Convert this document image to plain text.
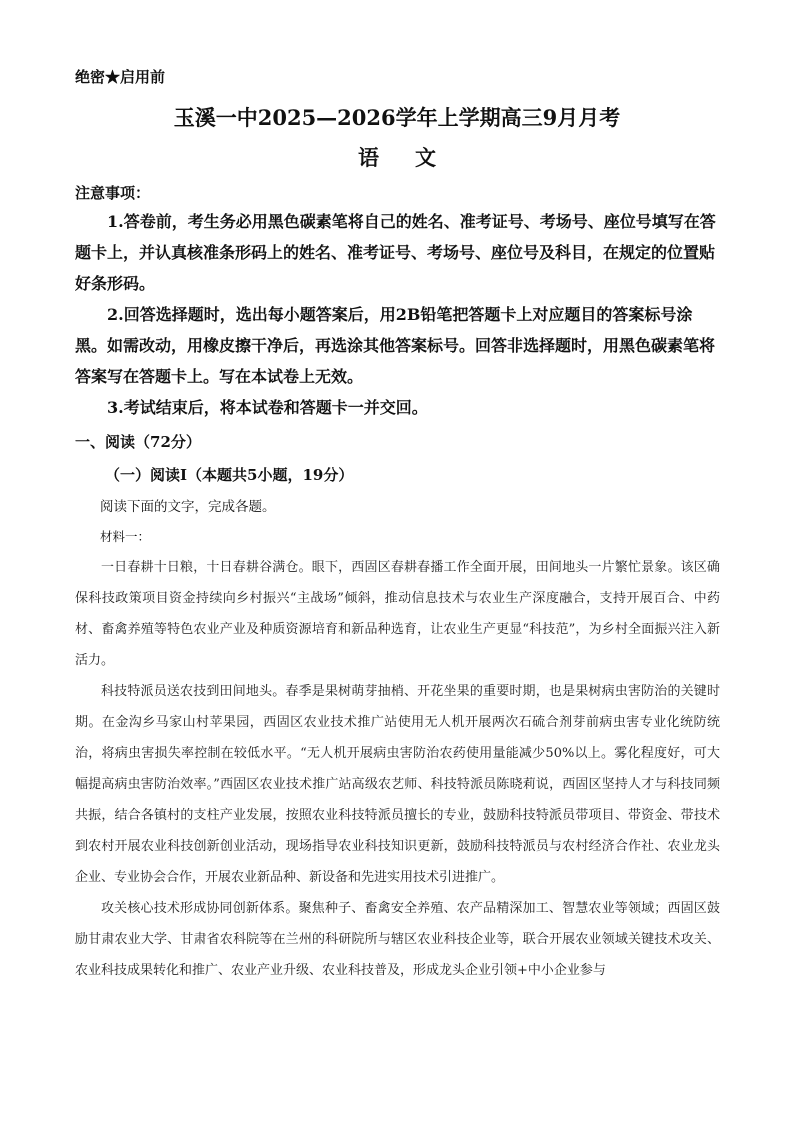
绝密★启用前
玉溪一中2025—2026学年上学期高三9月月考
语文
注意事项：

1.答卷前，考生务必用黑色碳素笔将自己的姓名、准考证号、考场号、座位号填写在答题卡上，并认真核准条形码上的姓名、准考证号、考场号、座位号及科目，在规定的位置贴好条形码。

2.回答选择题时，选出每小题答案后，用2B铅笔把答题卡上对应题目的答案标号涂黑。如需改动，用橡皮擦干净后，再选涂其他答案标号。回答非选择题时，用黑色碳素笔将答案写在答题卡上。写在本试卷上无效。

3.考试结束后，将本试卷和答题卡一并交回。

一、阅读（72分）
（一）阅读Ⅰ（本题共5小题，19分）
阅读下面的文字，完成各题。
材料一：

一日春耕十日粮，十日春耕谷满仓。眼下，西固区春耕春播工作全面开展，田间地头一片繁忙景象。该区确保科技政策项目资金持续向乡村振兴“主战场”倾斜，推动信息技术与农业生产深度融合，支持开展百合、中药材、畜禽养殖等特色农业产业及种质资源培育和新品种选育，让农业生产更显“科技范”，为乡村全面振兴注入新活力。

科技特派员送农技到田间地头。春季是果树萌芽抽梢、开花坐果的重要时期，也是果树病虫害防治的关键时期。在金沟乡马家山村苹果园，西固区农业技术推广站使用无人机开展两次石硫合剂芽前病虫害专业化统防统治，将病虫害损失率控制在较低水平。“无人机开展病虫害防治农药使用量能减少50%以上。雾化程度好，可大幅提高病虫害防治效率。”西固区农业技术推广站高级农艺师、科技特派员陈晓莉说，西固区坚持人才与科技同频共振，结合各镇村的支柱产业发展，按照农业科技特派员擅长的专业，鼓励科技特派员带项目、带资金、带技术到农村开展农业科技创新创业活动，现场指导农业科技知识更新，鼓励科技特派员与农村经济合作社、农业龙头企业、专业协会合作，开展农业新品种、新设备和先进实用技术引进推广。

攻关核心技术形成协同创新体系。聚焦种子、畜禽安全养殖、农产品精深加工、智慧农业等领域；西固区鼓励甘肃农业大学、甘肃省农科院等在兰州的科研院所与辖区农业科技企业等，联合开展农业领域关键技术攻关、农业科技成果转化和推广、农业产业升级、农业科技普及，形成龙头企业引领+中小企业参与
